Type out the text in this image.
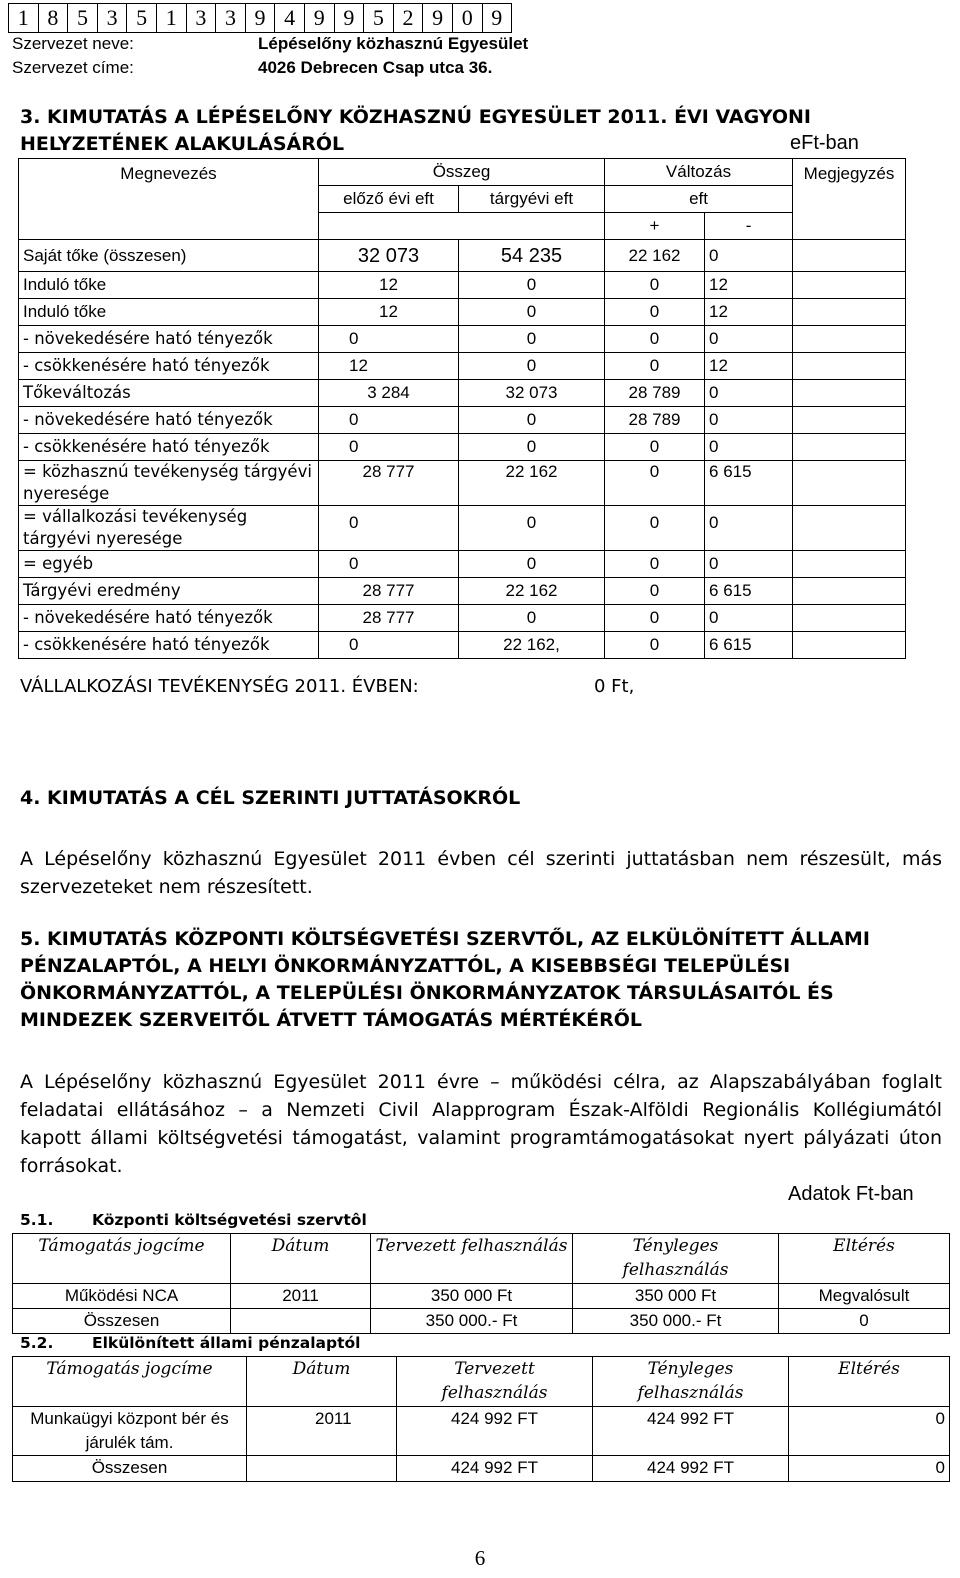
1 8 5 3 5 1 3 3 9 4 9 9 5 2 9 0 9
Szervezet neve:	Lépéselőny közhasznú Egyesület
Szervezet címe:	4026 Debrecen Csap utca 36.
3. KIMUTATÁS A LÉPÉSELŐNY KÖZHASZNÚ EGYESÜLET 2011. ÉVI VAGYONI
HELYZETÉNEK ALAKULÁSÁRÓL	eFt-ban
Megnevezés	Összeg		Változás		Megjegyzés
	előző évi eft	tárgyévi eft	eft		
			+	-	
Saját tőke (összesen)	32 073	54 235	22 162	0	
Induló tőke	12	0	0	12	
Induló tőke	12	0	0	12	
- növekedésére ható tényezők	0	0	0	0	
- csökkenésére ható tényezők	12	0	0	12	
Tőkeváltozás	3 284	32 073	28 789	0	
- növekedésére ható tényezők	0	0	28 789	0	
- csökkenésére ható tényezők	0	0	0	0	
= közhasznú tevékenység tárgyévi nyeresége	28 777	22 162	0	6 615	
= vállalkozási tevékenység tárgyévi nyeresége	0	0	0	0	
= egyéb	0	0	0	0	
Tárgyévi eredmény	28 777	22 162	0	6 615	
- növekedésére ható tényezők	28 777	0	0	0	
- csökkenésére ható tényezők	0	22 162,	0	6 615	
VÁLLALKOZÁSI TEVÉKENYSÉG 2011. ÉVBEN:	0 Ft,
4. KIMUTATÁS A CÉL SZERINTI JUTTATÁSOKRÓL
A Lépéselőny közhasznú Egyesület 2011 évben cél szerinti juttatásban nem részesült, más szervezeteket nem részesített.
5. KIMUTATÁS KÖZPONTI KÖLTSÉGVETÉSI SZERVTŐL, AZ ELKÜLÖNÍTETT ÁLLAMI
PÉNZALAPTÓL, A HELYI ÖNKORMÁNYZATTÓL, A KISEBBSÉGI TELEPÜLÉSI
ÖNKORMÁNYZATTÓL, A TELEPÜLÉSI ÖNKORMÁNYZATOK TÁRSULÁSAITÓL ÉS
MINDEZEK SZERVEITŐL ÁTVETT TÁMOGATÁS MÉRTÉKÉRŐL
A Lépéselőny közhasznú Egyesület 2011 évre – működési célra, az Alapszabályában foglalt feladatai ellátásához – a Nemzeti Civil Alapprogram Észak-Alföldi Regionális Kollégiumától kapott állami költségvetési támogatást, valamint programtámogatásokat nyert pályázati úton forrásokat.
Adatok Ft-ban
5.1. Központi költségvetési szervtôl
Támogatás jogcíme	Dátum	Tervezett felhasználás	Tényleges felhasználás	Eltérés
Működési NCA	2011	350 000 Ft	350 000 Ft	Megvalósult
Összesen		350 000.- Ft	350 000.- Ft	0
5.2. Elkülönített állami pénzalaptól
Támogatás jogcíme	Dátum	Tervezett felhasználás	Tényleges felhasználás	Eltérés
Munkaügyi központ bér és járulék tám.	2011	424 992 FT	424 992 FT	0
Összesen		424 992 FT	424 992 FT	0
6
